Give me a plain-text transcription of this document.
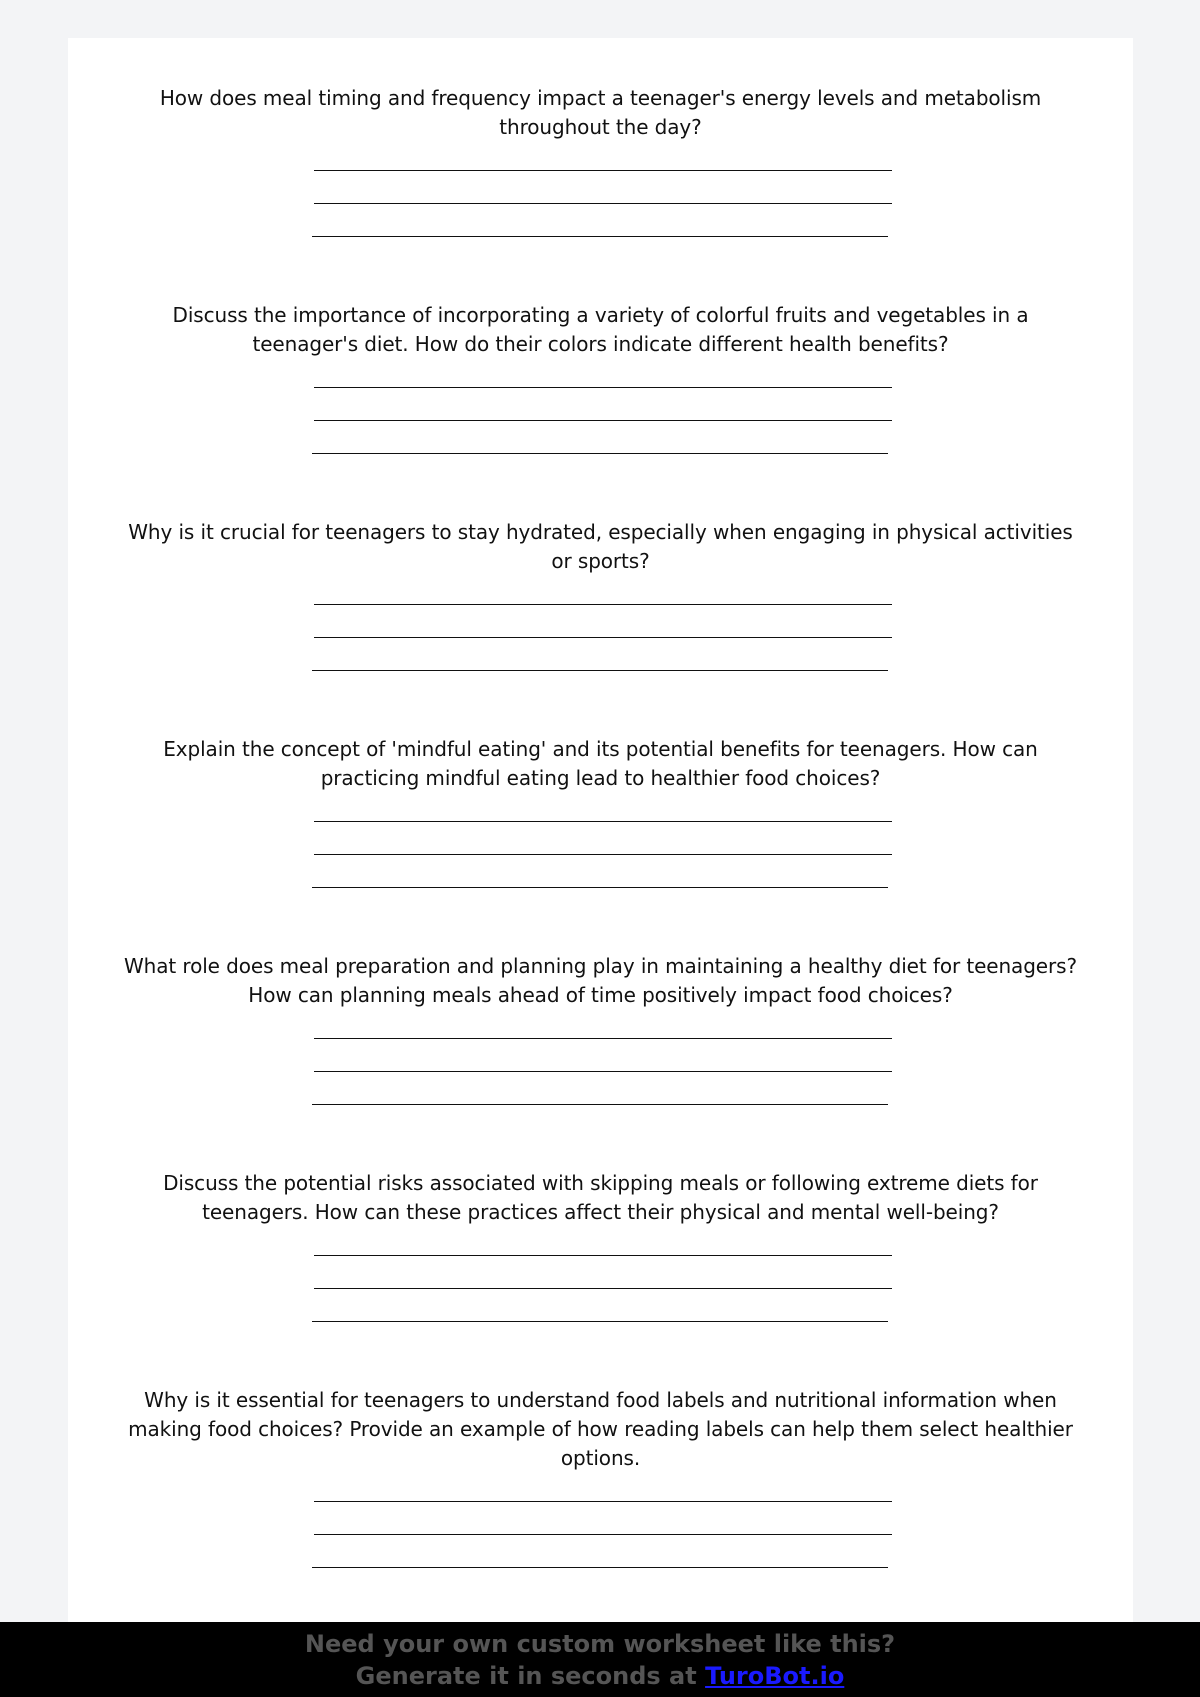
How does meal timing and frequency impact a teenager's energy levels and metabolism throughout the day?

Discuss the importance of incorporating a variety of colorful fruits and vegetables in a teenager's diet. How do their colors indicate different health benefits?

Why is it crucial for teenagers to stay hydrated, especially when engaging in physical activities or sports?

Explain the concept of 'mindful eating' and its potential benefits for teenagers. How can practicing mindful eating lead to healthier food choices?

What role does meal preparation and planning play in maintaining a healthy diet for teenagers? How can planning meals ahead of time positively impact food choices?

Discuss the potential risks associated with skipping meals or following extreme diets for teenagers. How can these practices affect their physical and mental well-being?

Why is it essential for teenagers to understand food labels and nutritional information when making food choices? Provide an example of how reading labels can help them select healthier options.

Need your own custom worksheet like this?
Generate it in seconds at TuroBot.io
